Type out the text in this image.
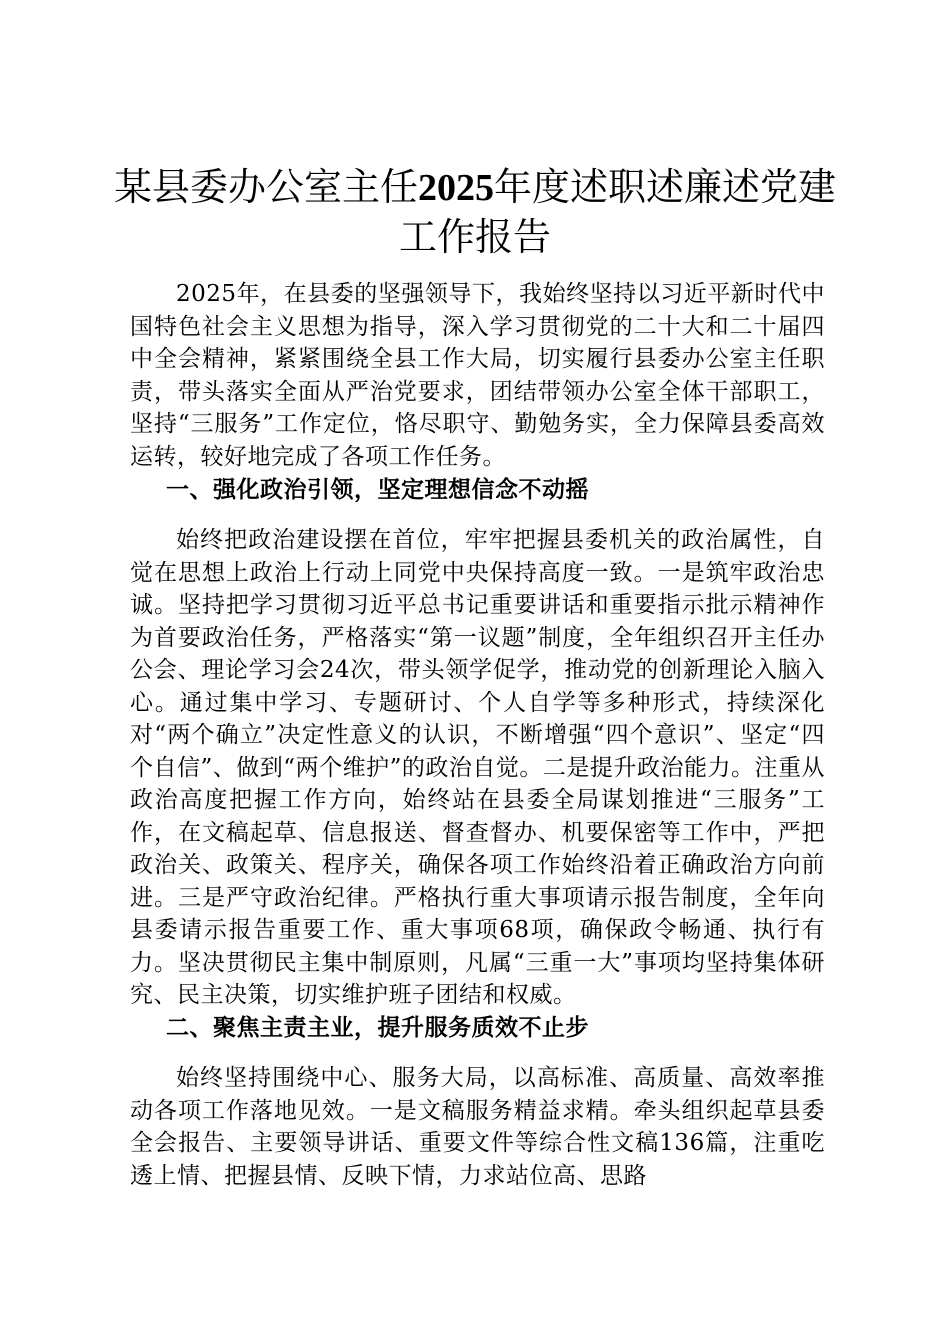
某县委办公室主任2025年度述职述廉述党建
工作报告

2025年，在县委的坚强领导下，我始终坚持以习近平新时代中国特色社会主义思想为指导，深入学习贯彻党的二十大和二十届四中全会精神，紧紧围绕全县工作大局，切实履行县委办公室主任职责，带头落实全面从严治党要求，团结带领办公室全体干部职工，坚持“三服务”工作定位，恪尽职守、勤勉务实，全力保障县委高效运转，较好地完成了各项工作任务。

一、强化政治引领，坚定理想信念不动摇

始终把政治建设摆在首位，牢牢把握县委机关的政治属性，自觉在思想上政治上行动上同党中央保持高度一致。一是筑牢政治忠诚。坚持把学习贯彻习近平总书记重要讲话和重要指示批示精神作为首要政治任务，严格落实“第一议题”制度，全年组织召开主任办公会、理论学习会24次，带头领学促学，推动党的创新理论入脑入心。通过集中学习、专题研讨、个人自学等多种形式，持续深化对“两个确立”决定性意义的认识，不断增强“四个意识”、坚定“四个自信”、做到“两个维护”的政治自觉。二是提升政治能力。注重从政治高度把握工作方向，始终站在县委全局谋划推进“三服务”工作，在文稿起草、信息报送、督查督办、机要保密等工作中，严把政治关、政策关、程序关，确保各项工作始终沿着正确政治方向前进。三是严守政治纪律。严格执行重大事项请示报告制度，全年向县委请示报告重要工作、重大事项68项，确保政令畅通、执行有力。坚决贯彻民主集中制原则，凡属“三重一大”事项均坚持集体研究、民主决策，切实维护班子团结和权威。

二、聚焦主责主业，提升服务质效不止步

始终坚持围绕中心、服务大局，以高标准、高质量、高效率推动各项工作落地见效。一是文稿服务精益求精。牵头组织起草县委全会报告、主要领导讲话、重要文件等综合性文稿136篇，注重吃透上情、把握县情、反映下情，力求站位高、思路
